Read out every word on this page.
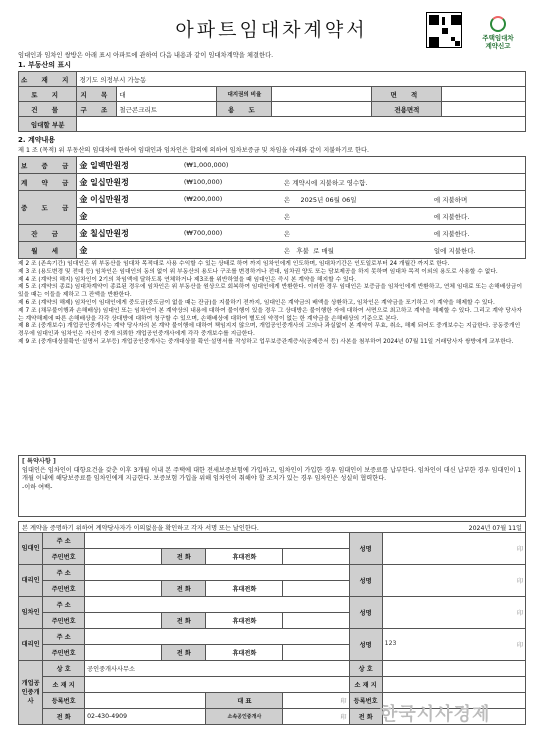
아파트임대차계약서	주택임대차
계약신고
임대인과 임차인 쌍방은 아래 표시 아파트에 관하여 다음 내용과 같이 임대차계약을 체결한다.
1. 부동산의 표시
소 재 지	경기도 의정부시 가능동					
토 지	지 목	대	대지권의 비율		면 적	
건 물	구 조	철근콘크리트	용 도		전용면적	
임대할 부분						
2. 계약내용
제 1 조 (목적) 위 부동산의 임대차에 한하여 임대인과 임차인은 합의에 의하여 임차보증금 및 차임을 아래와 같이 지불하기로 한다.
보 증 금	金 일백만원정	(₩1,000,000)		
계 약 금	金 일십만원정	(₩100,000)	은 계약시에 지불하고 영수함.	
중 도 금	金 이십만원정	(₩200,000)	은 2025년 06월 06일	에 지불하며
	金		은	에 지불한다.
잔 금	金 칠십만원정	(₩700,000)	은	에 지불한다.
월 세	金		은 후불 로 매월	일에 지불한다.

제 2 조 (존속기간) 임대인은 위 부동산을 임대차 목적대로 사용 수익할 수 있는 상태로 하여 까지 임차인에게 인도하며, 임대차기간은 인도일로부터 24 개월간 까지로 한다.

제 3 조 (용도변경 및 전대 등) 임차인은 임대인의 동의 없이 위 부동산의 용도나 구조를 변경하거나 전대, 임차권 양도 또는 담보제공을 하지 못하며 임대차 목적 이외의 용도로 사용할 수 없다.

제 4 조 (계약의 해지) 임차인이 2기의 차임액에 달하도록 연체하거나 제3조를 위반하였을 때 임대인은 즉시 본 계약을 해지할 수 있다.

제 5 조 (계약의 종료) 임대차계약이 종료된 경우에 임차인은 위 부동산을 원상으로 회복하여 임대인에게 반환한다. 이러한 경우 임대인은 보증금을 임차인에게 반환하고, 연체 임대료 또는 손해배상금이 있을 때는 이들을 제하고 그 잔액을 반환한다.

제 6 조 (계약의 해제) 임차인이 임대인에게 중도금(중도금이 없을 때는 잔금)을 지불하기 전까지, 임대인은 계약금의 배액을 상환하고, 임차인은 계약금을 포기하고 이 계약을 해제할 수 있다.

제 7 조 (채무불이행과 손해배상) 임대인 또는 임차인이 본 계약상의 내용에 대하여 불이행이 있을 경우 그 상대방은 불이행한 자에 대하여 서면으로 최고하고 계약을 해제할 수 있다. 그리고 계약 당사자는 계약해제에 따른 손해배상을 각각 상대방에 대하여 청구할 수 있으며, 손해배상에 대하여 별도의 약정이 없는 한 계약금을 손해배상의 기준으로 본다.

제 8 조 (중개보수) 개업공인중개사는 계약 당사자의 본 계약 불이행에 대하여 책임지지 않으며, 개업공인중개사의 고의나 과실없이 본 계약이 무효, 취소, 해제 되어도 중개보수는 지급한다. 공동중개인 경우에 임대인과 임차인은 자신이 중개 의뢰한 개업공인중개사에게 각각 중개보수를 지급한다.

제 9 조 (중개대상물확인·설명서 교부등) 개업공인중개사는 중개대상물 확인·설명서를 작성하고 업무보증관계증서(공제증서 등) 사본을 첨부하여 2024년 07월 11일 거래당사자 쌍방에게 교부한다.

[ 특약사항 ]
임대인은 임차인이 대항요건을 갖춘 이후 3개월 이내 본 주택에 대한 전세보증보험에 가입하고, 임차인이 가입한 경우 임대인이 보증료를 납부한다. 임차인이 대신 납부한 경우 임대인이 1개월 이내에 해당보증료를 임차인에게 지급한다. 보증보험 가입을 위해 임차인이 취해야 할 조치가 있는 경우 임차인은 성실히 협력한다.
-이하 여백-
본 계약을 증명하기 위하여 계약당사자가 이의없음을 확인하고 각자 서명 또는 날인한다.	2024년 07월 11일
임대인	주 소					성명	印
	주민번호		전 화	휴대전화			
대리인	주 소					성명	印
	주민번호		전 화	휴대전화			
임차인	주 소					성명	印
	주민번호		전 화	휴대전화			
대리인	주 소					성명	123 印

	주민번호		전 화	휴대전화			
개업공인중개사	상 호	공인중개사사무소				상 호	
	소 재 지					소 재 지	
	등록번호			대 표	印	등록번호	
	전 화	02-430-4909		소속공인중개사	印	전 화	한국시사경제
